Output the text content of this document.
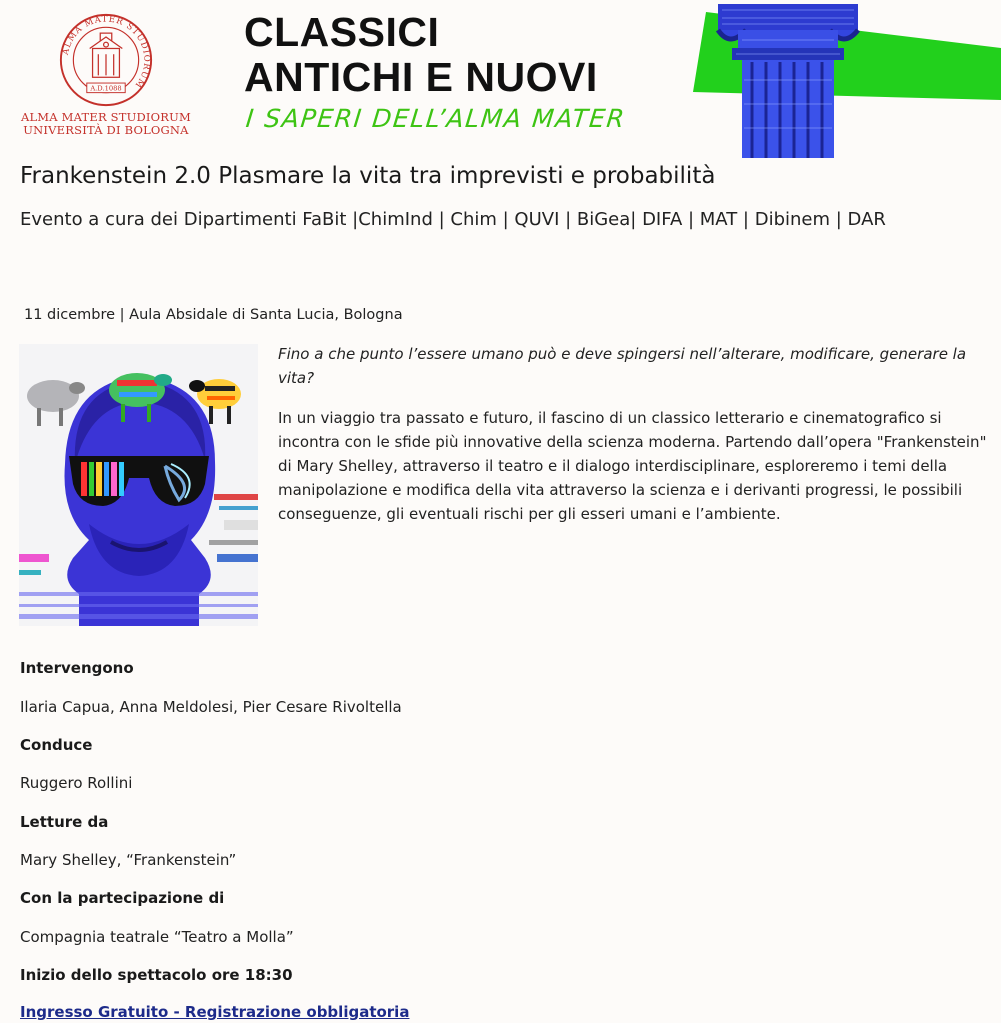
ALMA MATER STUDIORUM
A.D.1088
ALMA MATER STUDIORUM
UNIVERSITÀ DI BOLOGNA
CLASSICI
ANTICHI E NUOVI
I SAPERI DELL’ALMA MATER
Frankenstein 2.0 Plasmare la vita tra imprevisti e probabilità
Evento a cura dei Dipartimenti FaBit |ChimInd | Chim | QUVI | BiGea| DIFA | MAT | Dibinem | DAR
11 dicembre | Aula Absidale di Santa Lucia, Bologna
Fino a che punto l’essere umano può e deve spingersi nell’alterare, modificare, generare la vita?
In un viaggio tra passato e futuro, il fascino di un classico letterario e cinematografico si incontra con le sfide più innovative della scienza moderna. Partendo dall’opera "Frankenstein" di Mary Shelley, attraverso il teatro e il dialogo interdisciplinare, esploreremo i temi della manipolazione e modifica della vita attraverso la scienza e i derivanti progressi, le possibili conseguenze, gli eventuali rischi per gli esseri umani e l’ambiente.
Intervengono
Ilaria Capua, Anna Meldolesi, Pier Cesare Rivoltella
Conduce
Ruggero Rollini
Letture da
Mary Shelley, “Frankenstein”
Con la partecipazione di
Compagnia teatrale “Teatro a Molla”
Inizio dello spettacolo ore 18:30
Ingresso Gratuito - Registrazione obbligatoria
